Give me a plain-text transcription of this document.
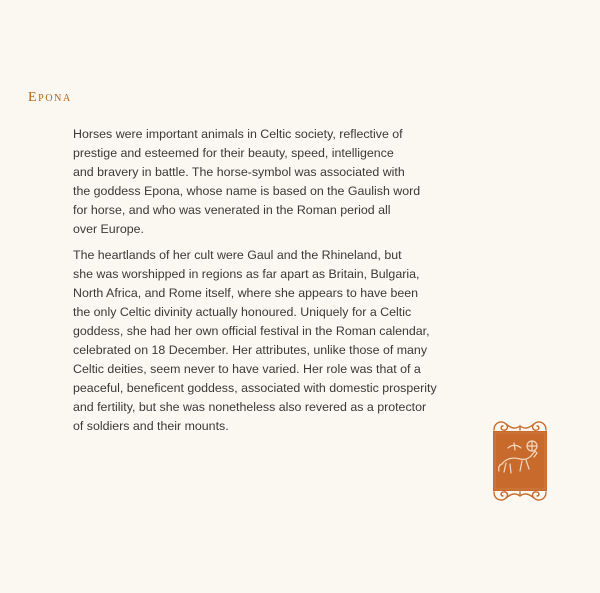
Epona

Horses were important animals in Celtic society, reflective of
prestige and esteemed for their beauty, speed, intelligence
and bravery in battle. The horse-symbol was associated with
the goddess Epona, whose name is based on the Gaulish word
for horse, and who was venerated in the Roman period all
over Europe.

The heartlands of her cult were Gaul and the Rhineland, but
she was worshipped in regions as far apart as Britain, Bulgaria,
North Africa, and Rome itself, where she appears to have been
the only Celtic divinity actually honoured. Uniquely for a Celtic
goddess, she had her own official festival in the Roman calendar,
celebrated on 18 December. Her attributes, unlike those of many
Celtic deities, seem never to have varied. Her role was that of a
peaceful, beneficent goddess, associated with domestic prosperity
and fertility, but she was nonetheless also revered as a protector
of soldiers and their mounts.
